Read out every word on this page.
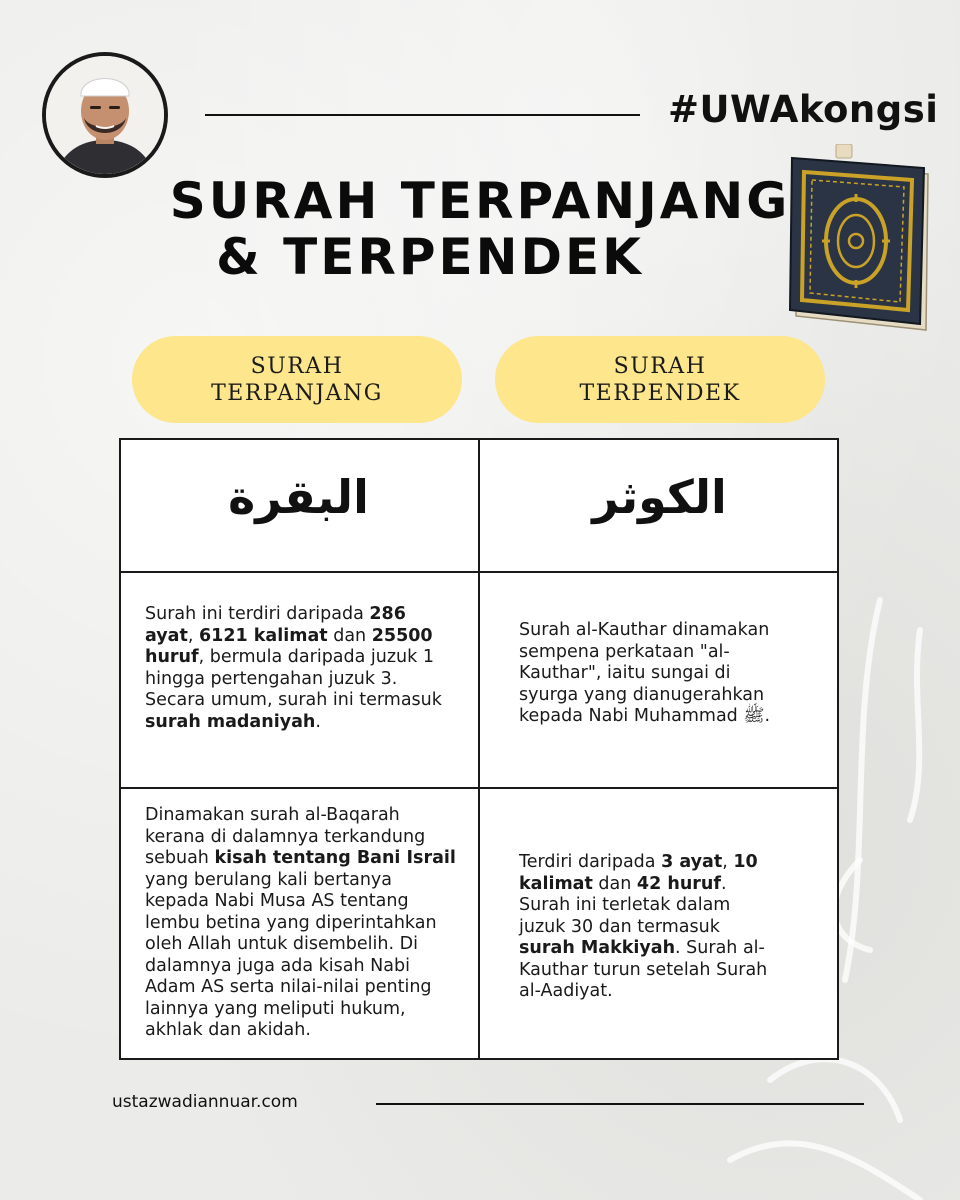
#UWAkongsi
SURAH TERPANJANG
& TERPENDEK
SURAH
TERPANJANG
SURAH
TERPENDEK
البقرة	الكوثر
Surah ini terdiri daripada 286 ayat, 6121 kalimat dan 25500 huruf, bermula daripada juzuk 1 hingga pertengahan juzuk 3. Secara umum, surah ini termasuk surah madaniyah.
Surah al-Kauthar dinamakan sempena perkataan "al-Kauthar", iaitu sungai di syurga yang dianugerahkan kepada Nabi Muhammad ﷺ.
Dinamakan surah al-Baqarah kerana di dalamnya terkandung sebuah kisah tentang Bani Israil yang berulang kali bertanya kepada Nabi Musa AS tentang lembu betina yang diperintahkan oleh Allah untuk disembelih. Di dalamnya juga ada kisah Nabi Adam AS serta nilai-nilai penting lainnya yang meliputi hukum, akhlak dan akidah.
Terdiri daripada 3 ayat, 10 kalimat dan 42 huruf. Surah ini terletak dalam juzuk 30 dan termasuk surah Makkiyah. Surah al-Kauthar turun setelah Surah al-Aadiyat.
ustazwadiannuar.com
